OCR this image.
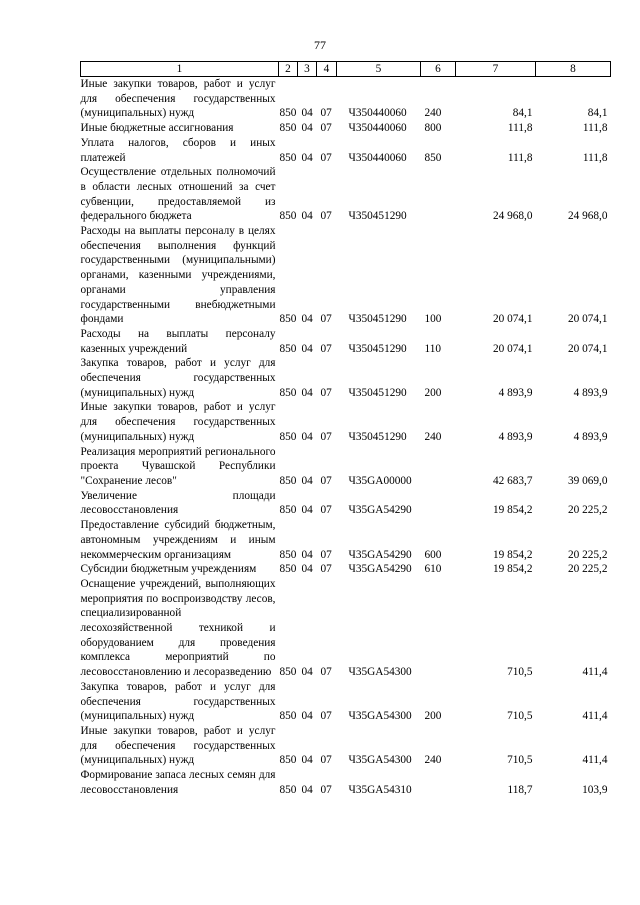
77
1	2	3	4	5	6	7	8
Иные закупки товаров, работ и услуг для обеспечения государственных (муниципальных) нужд	850	04	07	Ч350440060	240	84,1	84,1
Иные бюджетные ассигнования	850	04	07	Ч350440060	800	111,8	111,8
Уплата налогов, сборов и иных платежей	850	04	07	Ч350440060	850	111,8	111,8
Осуществление отдельных полномочий в области лесных отношений за счет субвенции, предоставляемой из федерального бюджета	850	04	07	Ч350451290		24 968,0	24 968,0
Расходы на выплаты персоналу в целях обеспечения выполнения функций государственными (муниципальными) органами, казенными учреждениями, органами управления государственными внебюджетными фондами	850	04	07	Ч350451290	100	20 074,1	20 074,1
Расходы на выплаты персоналу казенных учреждений	850	04	07	Ч350451290	110	20 074,1	20 074,1
Закупка товаров, работ и услуг для обеспечения государственных (муниципальных) нужд	850	04	07	Ч350451290	200	4 893,9	4 893,9
Иные закупки товаров, работ и услуг для обеспечения государственных (муниципальных) нужд	850	04	07	Ч350451290	240	4 893,9	4 893,9
Реализация мероприятий регионального проекта Чувашской Республики "Сохранение лесов"	850	04	07	Ч35GA00000		42 683,7	39 069,0
Увеличение площади лесовосстановления	850	04	07	Ч35GA54290		19 854,2	20 225,2
Предоставление субсидий бюджетным, автономным учреждениям и иным некоммерческим организациям	850	04	07	Ч35GA54290	600	19 854,2	20 225,2
Субсидии бюджетным учреждениям	850	04	07	Ч35GA54290	610	19 854,2	20 225,2
Оснащение учреждений, выполняющих мероприятия по воспроизводству лесов, специализированной лесохозяйственной техникой и оборудованием для проведения комплекса мероприятий по лесовосстановлению и лесоразведению	850	04	07	Ч35GA54300		710,5	411,4
Закупка товаров, работ и услуг для обеспечения государственных (муниципальных) нужд	850	04	07	Ч35GA54300	200	710,5	411,4
Иные закупки товаров, работ и услуг для обеспечения государственных (муниципальных) нужд	850	04	07	Ч35GA54300	240	710,5	411,4
Формирование запаса лесных семян для лесовосстановления	850	04	07	Ч35GA54310		118,7	103,9
